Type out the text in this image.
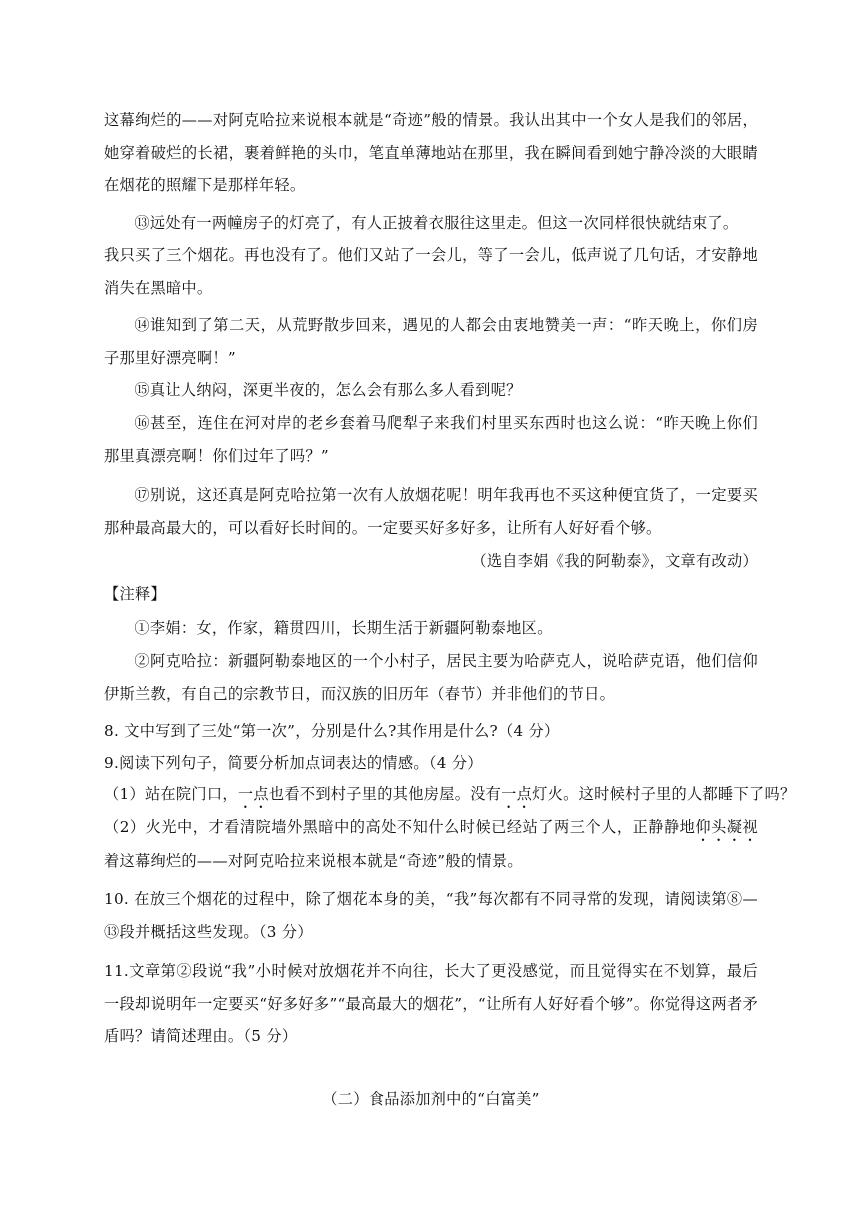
这幕绚烂的——对阿克哈拉来说根本就是“奇迹”般的情景。我认出其中一个女人是我们的邻居，她穿着破烂的长裙，裹着鲜艳的头巾，笔直单薄地站在那里，我在瞬间看到她宁静冷淡的大眼睛在烟花的照耀下是那样年轻。

⑬远处有一两幢房子的灯亮了，有人正披着衣服往这里走。但这一次同样很快就结束了。

我只买了三个烟花。再也没有了。他们又站了一会儿，等了一会儿，低声说了几句话，才安静地消失在黑暗中。

⑭谁知到了第二天，从荒野散步回来，遇见的人都会由衷地赞美一声：“昨天晚上，你们房子那里好漂亮啊！”

⑮真让人纳闷，深更半夜的，怎么会有那么多人看到呢？

⑯甚至，连住在河对岸的老乡套着马爬犁子来我们村里买东西时也这么说：“昨天晚上你们那里真漂亮啊！你们过年了吗？”

⑰别说，这还真是阿克哈拉第一次有人放烟花呢！明年我再也不买这种便宜货了，一定要买那种最高最大的，可以看好长时间的。一定要买好多好多，让所有人好好看个够。

（选自李娟《我的阿勒泰》，文章有改动）
【注释】

①李娟：女，作家，籍贯四川，长期生活于新疆阿勒泰地区。

②阿克哈拉：新疆阿勒泰地区的一个小村子，居民主要为哈萨克人，说哈萨克语，他们信仰伊斯兰教，有自己的宗教节日，而汉族的旧历年（春节）并非他们的节日。

8. 文中写到了三处“第一次”，分别是什么?其作用是什么?（4 分）
9.阅读下列句子，简要分析加点词表达的情感。（4 分）
（1）站在院门口，一点也看不到村子里的其他房屋。没有一点灯火。这时候村子里的人都睡下了吗？

（2）火光中，才看清院墙外黑暗中的高处不知什么时候已经站了两三个人，正静静地仰头凝视着这幕绚烂的——对阿克哈拉来说根本就是“奇迹”般的情景。

10. 在放三个烟花的过程中，除了烟花本身的美，“我”每次都有不同寻常的发现，请阅读第⑧—⑬段并概括这些发现。（3 分）

11.文章第②段说“我”小时候对放烟花并不向往，长大了更没感觉，而且觉得实在不划算，最后一段却说明年一定要买“好多好多”“最高最大的烟花”，“让所有人好好看个够”。你觉得这两者矛盾吗？请简述理由。（5 分）

（二）食品添加剂中的“白富美”
